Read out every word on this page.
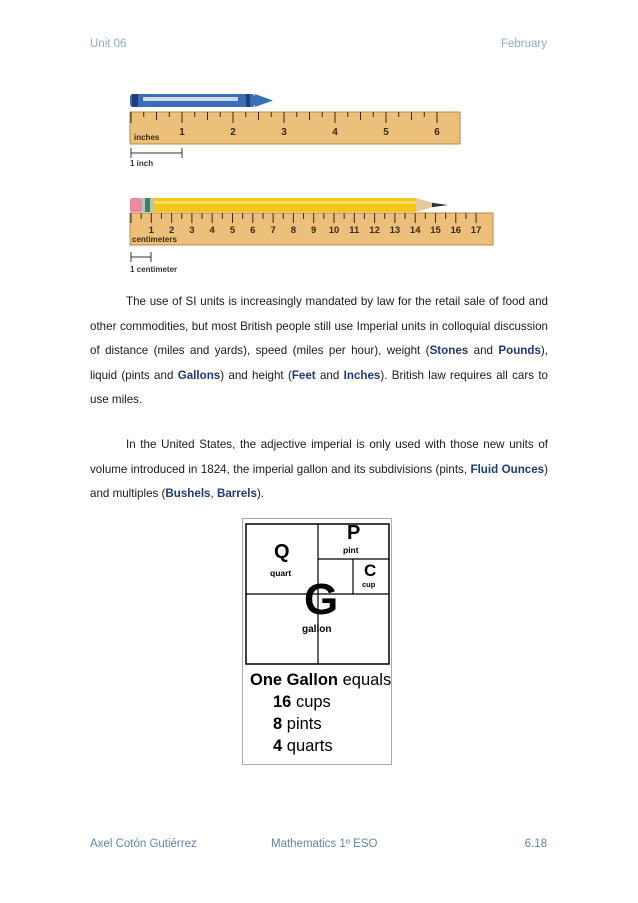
Unit 06	February
inches 1	2	3	4	5	6
1 inch
1 2 3 4 5 6 7 8 9 10 11 12 13 14 15 16 17
centimeters
1 centimeter

The use of SI units is increasingly mandated by law for the retail sale of food and other commodities, but most British people still use Imperial units in colloquial discussion of distance (miles and yards), speed (miles per hour), weight (Stones and Pounds), liquid (pints and Gallons) and height (Feet and Inches). British law requires all cars to use miles.

In the United States, the adjective imperial is only used with those new units of volume introduced in 1824, the imperial gallon and its subdivisions (pints, Fluid Ounces) and multiples (Bushels, Barrels).

Q
quart
P
pint
C
cup
G
gallon
One Gallon equals
16 cups
8 pints
4 quarts
Axel Cotón Gutiérrez	Mathematics 1º ESO	6.18
